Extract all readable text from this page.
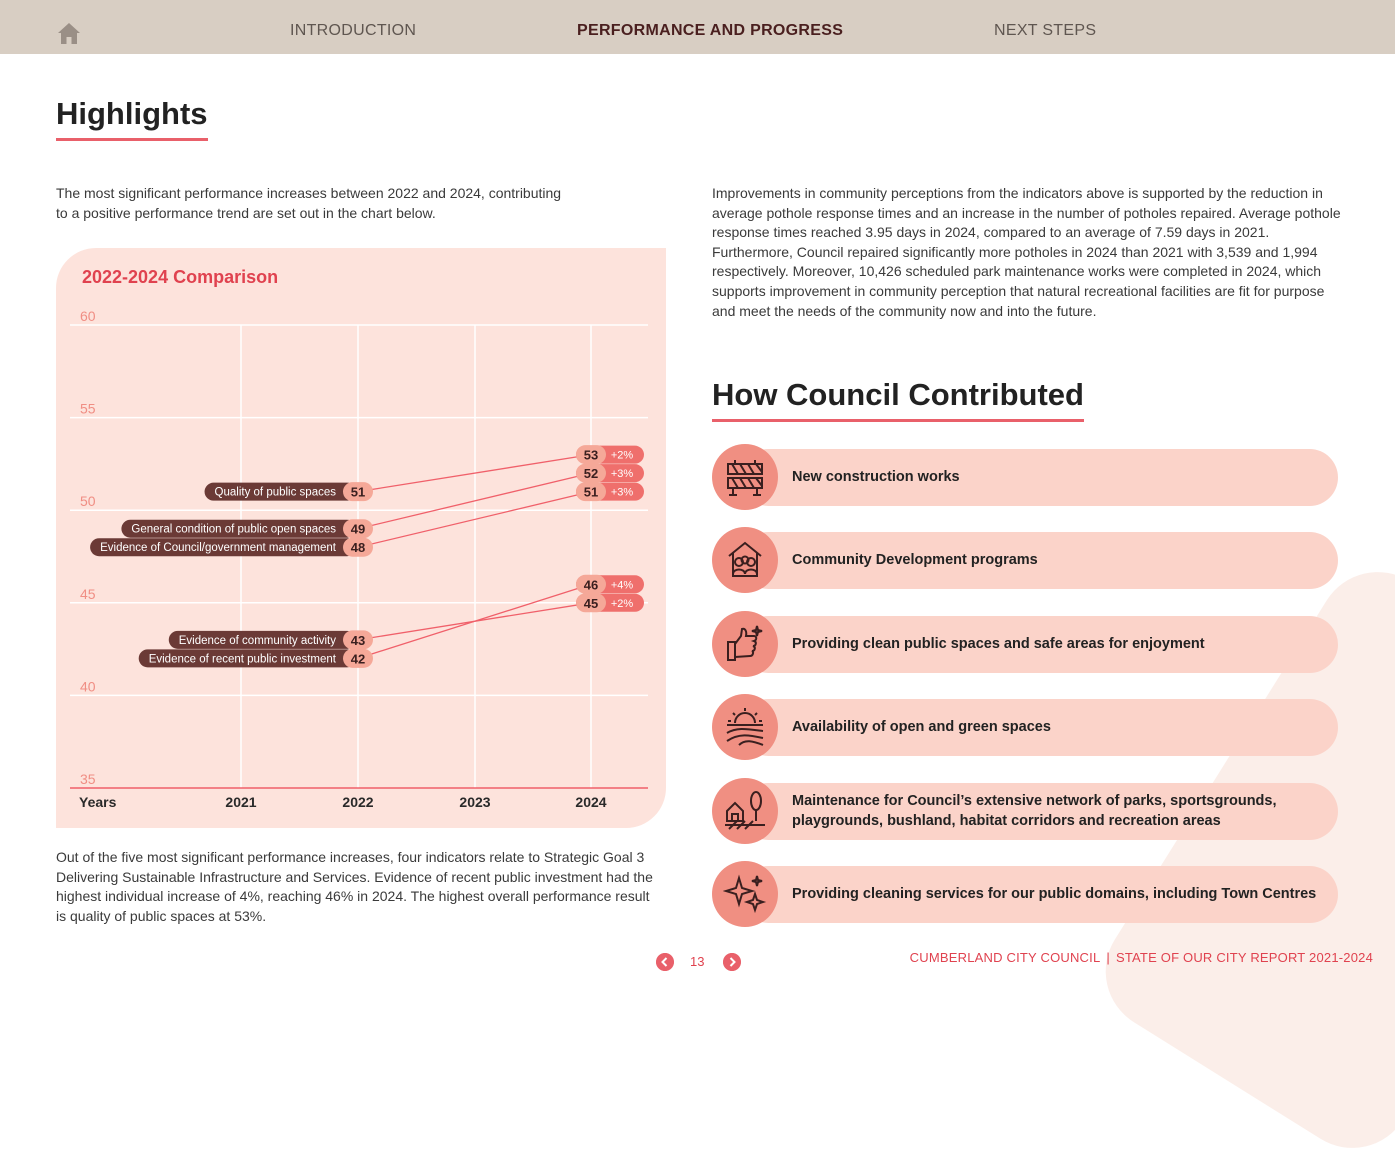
INTRODUCTION	PERFORMANCE AND PROGRESS	NEXT STEPS
Highlights
The most significant performance increases between 2022 and 2024, contributing to a positive performance trend are set out in the chart below.
2022-2024 Comparison
35
40
45
50
55
60
Years	2021	2022	2023	2024
Quality of public spaces 51
General condition of public open spaces 49
Evidence of Council/government management 48
Evidence of community activity 43
Evidence of recent public investment 42
53 +2%
52 +3%
51 +3%
45 +2%
46 +4%
Out of the five most significant performance increases, four indicators relate to Strategic Goal 3 Delivering Sustainable Infrastructure and Services. Evidence of recent public investment had the highest individual increase of 4%, reaching 46% in 2024. The highest overall performance result is quality of public spaces at 53%.
Improvements in community perceptions from the indicators above is supported by the reduction in average pothole response times and an increase in the number of potholes repaired. Average pothole response times reached 3.95 days in 2024, compared to an average of 7.59 days in 2021. Furthermore, Council repaired significantly more potholes in 2024 than 2021 with 3,539 and 1,994 respectively. Moreover, 10,426 scheduled park maintenance works were completed in 2024, which supports improvement in community perception that natural recreational facilities are fit for purpose and meet the needs of the community now and into the future.
How Council Contributed
New construction works
Community Development programs
Providing clean public spaces and safe areas for enjoyment
Availability of open and green spaces
Maintenance for Council’s extensive network of parks, sportsgrounds, playgrounds, bushland, habitat corridors and recreation areas
Providing cleaning services for our public domains, including Town Centres
13	CUMBERLAND CITY COUNCIL | STATE OF OUR CITY REPORT 2021-2024
